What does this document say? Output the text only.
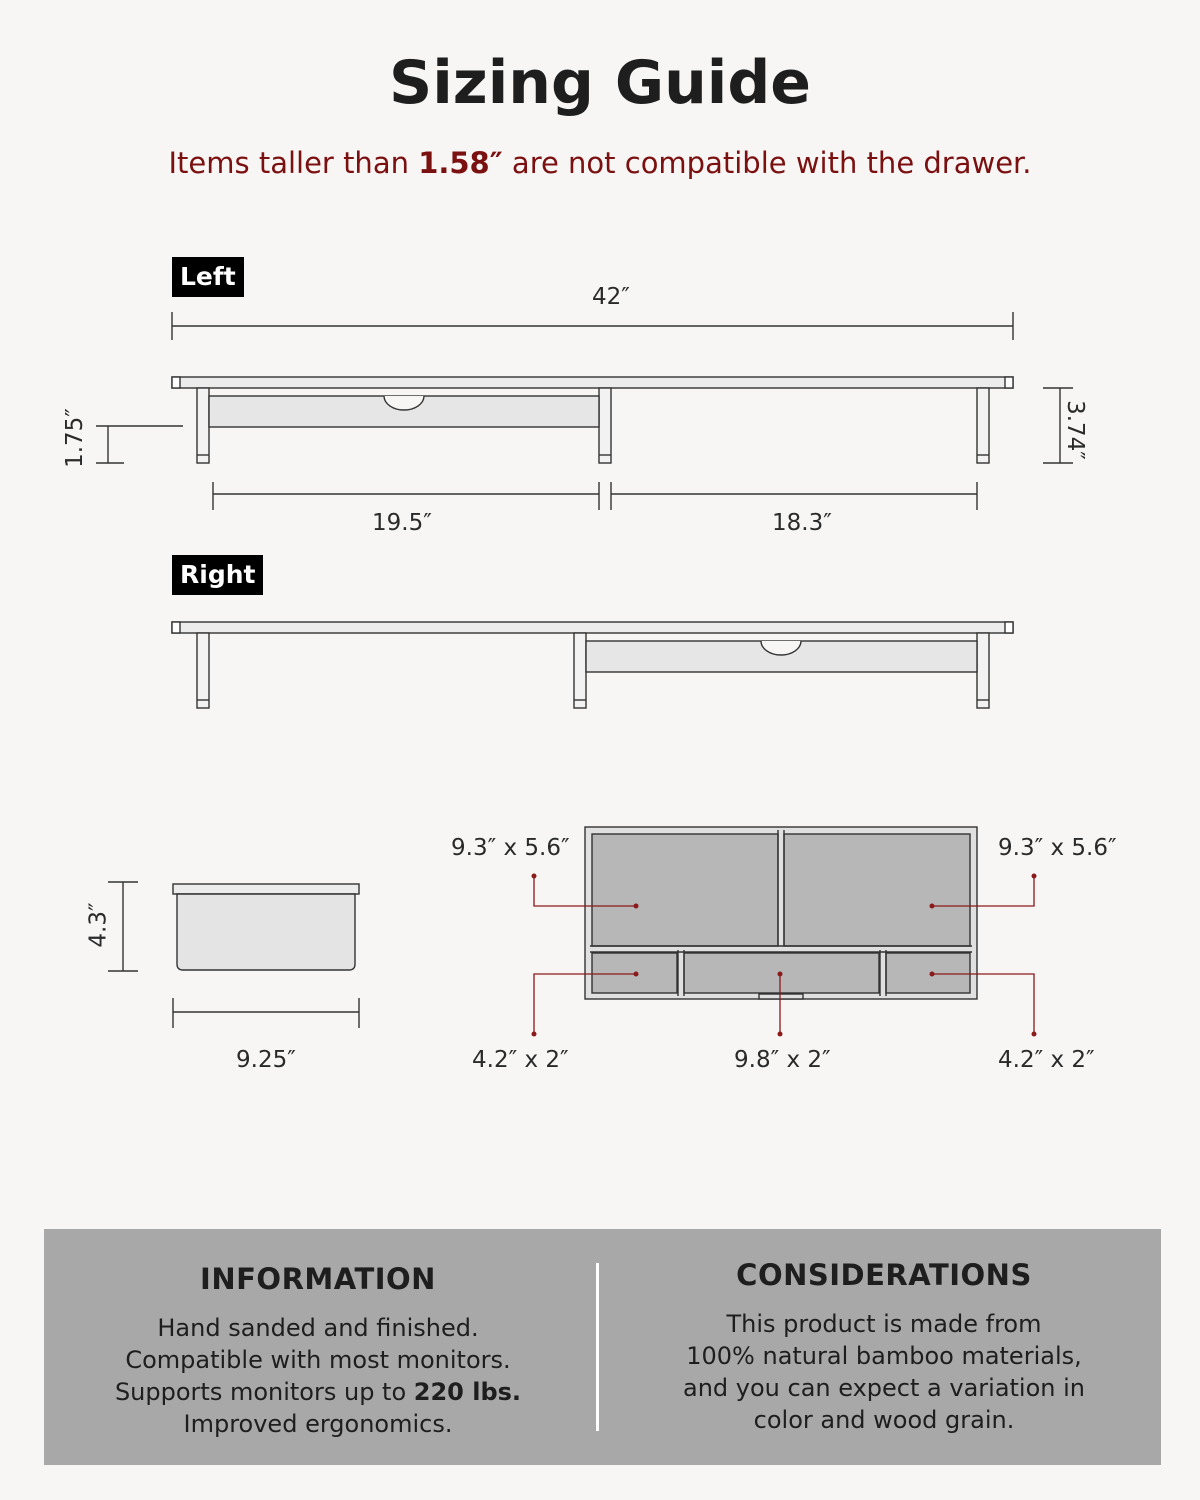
Sizing Guide
Items taller than 1.58″ are not compatible with the drawer.
Left
42″
1.75″	3.74″
19.5″	18.3″
Right
4.3″
9.25″
9.3″ x 5.6″	9.3″ x 5.6″
4.2″ x 2″	9.8″ x 2″	4.2″ x 2″
INFORMATION

Hand sanded and finished.

Compatible with most monitors.

Supports monitors up to 220 lbs.

Improved ergonomics.

CONSIDERATIONS

This product is made from

100% natural bamboo materials,

and you can expect a variation in

color and wood grain.
